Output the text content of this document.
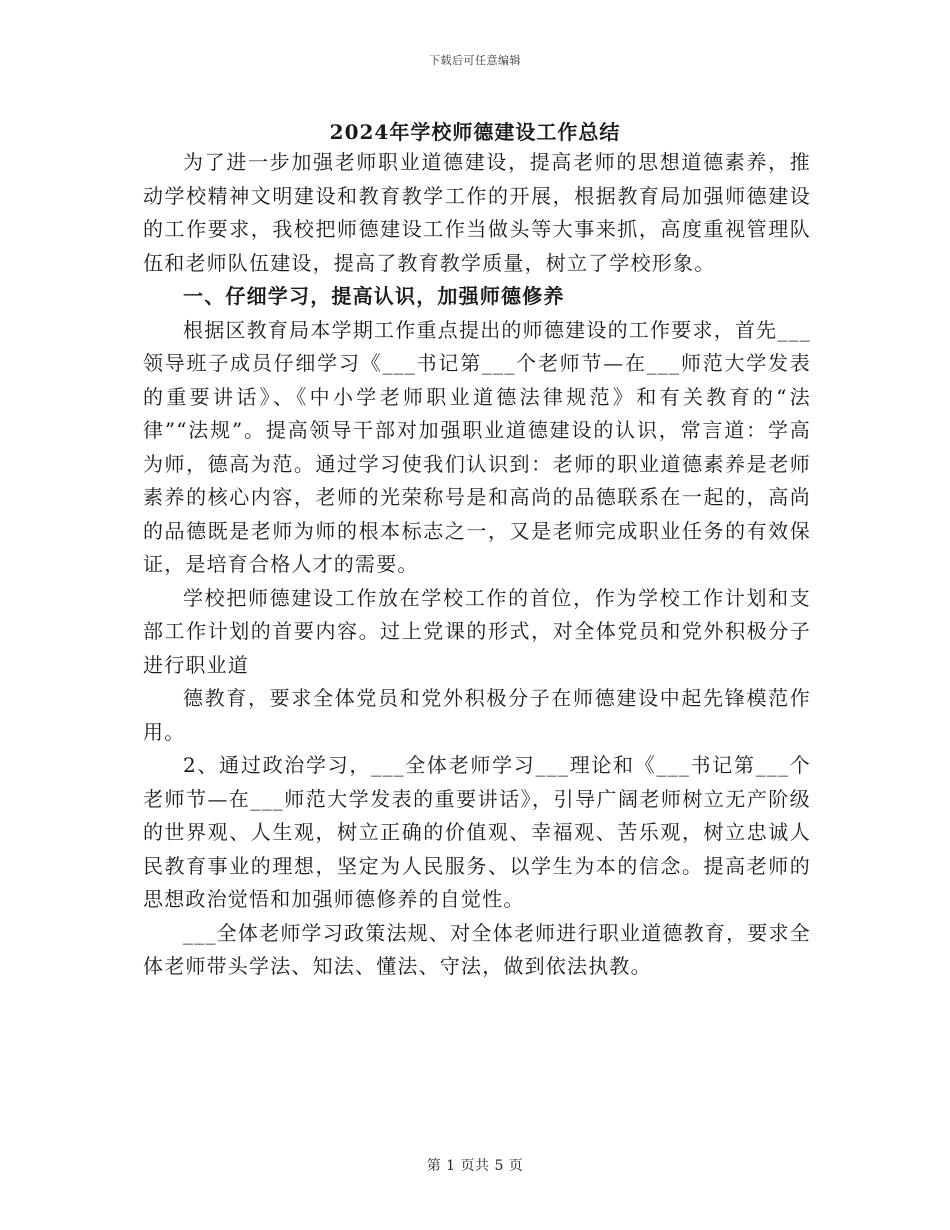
下载后可任意编辑
2024年学校师德建设工作总结

为了进一步加强老师职业道德建设，提高老师的思想道德素养，推动学校精神文明建设和教育教学工作的开展，根据教育局加强师德建设的工作要求，我校把师德建设工作当做头等大事来抓，高度重视管理队伍和老师队伍建设，提高了教育教学质量，树立了学校形象。

一、仔细学习，提高认识，加强师德修养

根据区教育局本学期工作重点提出的师德建设的工作要求，首先___领导班子成员仔细学习《___书记第___个老师节—在___师范大学发表的重要讲话》、《中小学老师职业道德法律规范》和有关教育的“法律”“法规”。提高领导干部对加强职业道德建设的认识，常言道：学高为师，德高为范。通过学习使我们认识到：老师的职业道德素养是老师素养的核心内容，老师的光荣称号是和高尚的品德联系在一起的，高尚的品德既是老师为师的根本标志之一，又是老师完成职业任务的有效保证，是培育合格人才的需要。

学校把师德建设工作放在学校工作的首位，作为学校工作计划和支部工作计划的首要内容。过上党课的形式，对全体党员和党外积极分子进行职业道

德教育，要求全体党员和党外积极分子在师德建设中起先锋模范作用。

2、通过政治学习，___全体老师学习___理论和《___书记第___个老师节—在___师范大学发表的重要讲话》，引导广阔老师树立无产阶级的世界观、人生观，树立正确的价值观、幸福观、苦乐观，树立忠诚人民教育事业的理想，坚定为人民服务、以学生为本的信念。提高老师的思想政治觉悟和加强师德修养的自觉性。

___全体老师学习政策法规、对全体老师进行职业道德教育，要求全体老师带头学法、知法、懂法、守法，做到依法执教。

第 1 页共 5 页
